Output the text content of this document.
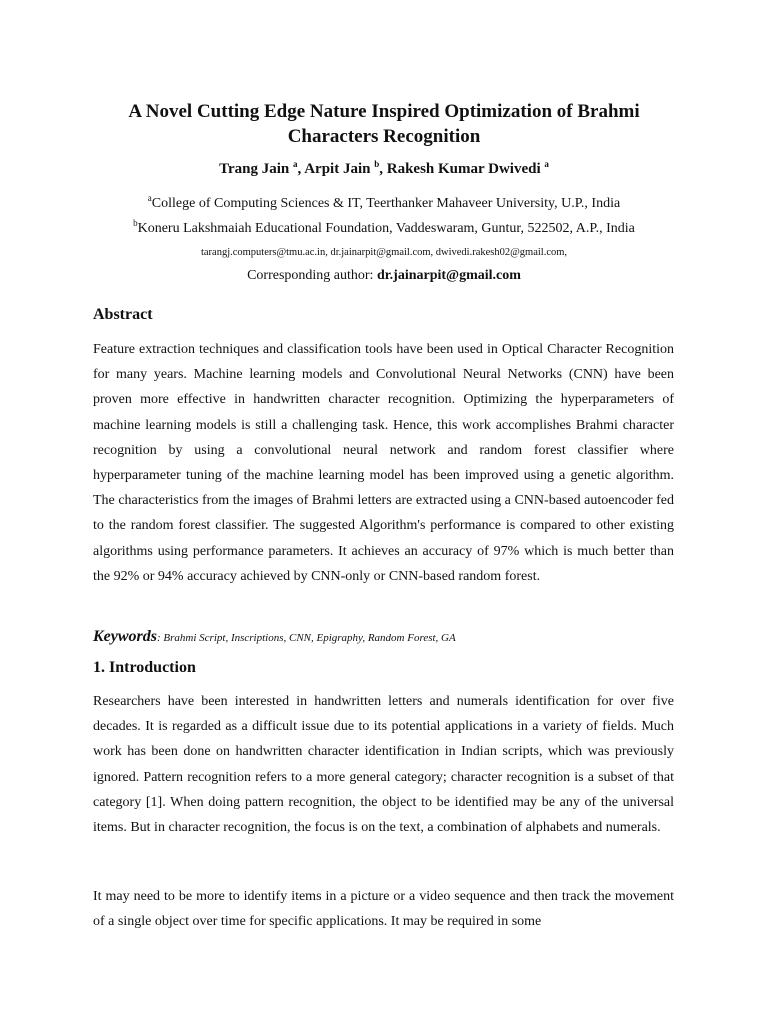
A Novel Cutting Edge Nature Inspired Optimization of Brahmi
Characters Recognition
Trang Jain $^a$, Arpit Jain $^b$, Rakesh Kumar Dwivedi $^a$
$^a$College of Computing Sciences & IT, Teerthanker Mahaveer University, U.P., India
$^b$Koneru Lakshmaiah Educational Foundation, Vaddeswaram, Guntur, 522502, A.P., India
tarangj.computers@tmu.ac.in, dr.jainarpit@gmail.com, dwivedi.rakesh02@gmail.com,
Corresponding author: dr.jainarpit@gmail.com
Abstract
Feature extraction techniques and classification tools have been used in Optical Character Recognition for many years. Machine learning models and Convolutional Neural Networks (CNN) have been proven more effective in handwritten character recognition. Optimizing the hyperparameters of machine learning models is still a challenging task. Hence, this work accomplishes Brahmi character recognition by using a convolutional neural network and random forest classifier where hyperparameter tuning of the machine learning model has been improved using a genetic algorithm. The characteristics from the images of Brahmi letters are extracted using a CNN-based autoencoder fed to the random forest classifier. The suggested Algorithm's performance is compared to other existing algorithms using performance parameters. It achieves an accuracy of 97% which is much better than the 92% or 94% accuracy achieved by CNN-only or CNN-based random forest.
Keywords: Brahmi Script, Inscriptions, CNN, Epigraphy, Random Forest, GA
1. Introduction
Researchers have been interested in handwritten letters and numerals identification for over five decades. It is regarded as a difficult issue due to its potential applications in a variety of fields. Much work has been done on handwritten character identification in Indian scripts, which was previously ignored. Pattern recognition refers to a more general category; character recognition is a subset of that category [1]. When doing pattern recognition, the object to be identified may be any of the universal items. But in character recognition, the focus is on the text, a combination of alphabets and numerals.
It may need to be more to identify items in a picture or a video sequence and then track the movement of a single object over time for specific applications. It may be required in some
